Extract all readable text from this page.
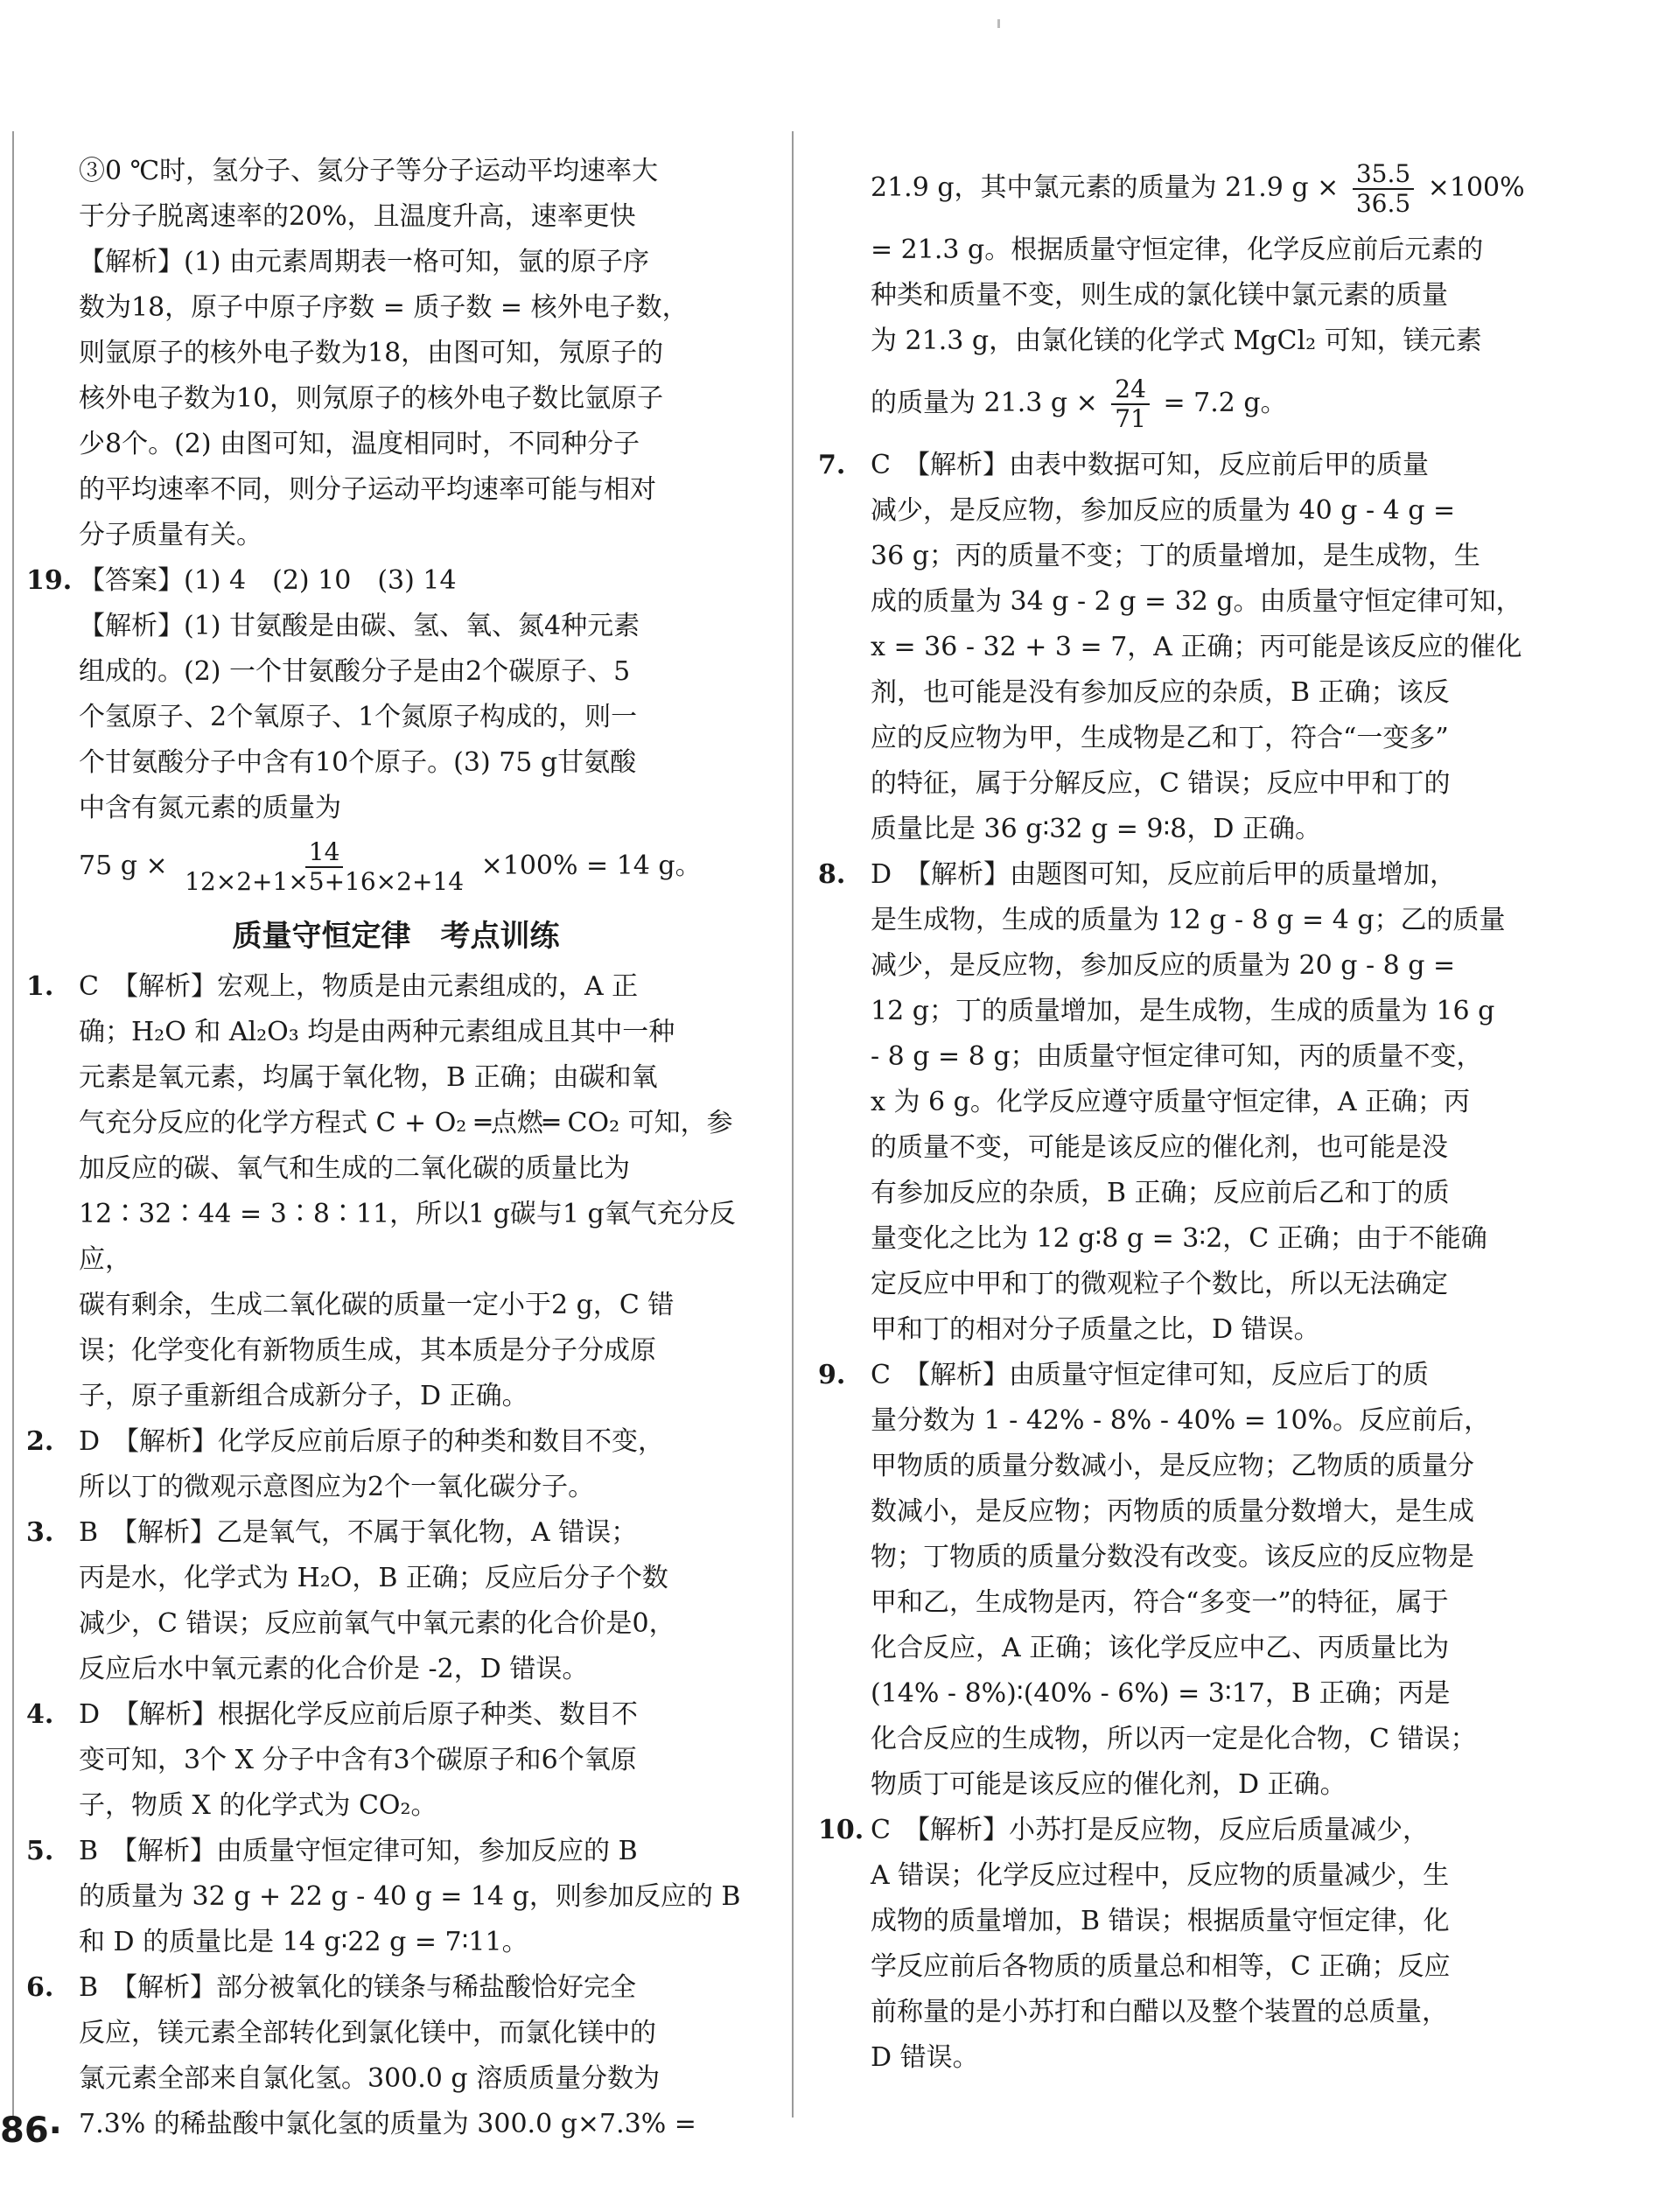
③0 ℃时，氢分子、氦分子等分子运动平均速率大

于分子脱离速率的20%，且温度升高，速率更快

【解析】(1) 由元素周期表一格可知，氩的原子序

数为18，原子中原子序数 = 质子数 = 核外电子数，

则氩原子的核外电子数为18，由图可知，氖原子的

核外电子数为10，则氖原子的核外电子数比氩原子

少8个。(2) 由图可知，温度相同时，不同种分子

的平均速率不同，则分子运动平均速率可能与相对

分子质量有关。

19. 【答案】(1) 4　(2) 10　(3) 14

【解析】(1) 甘氨酸是由碳、氢、氧、氮4种元素

组成的。(2) 一个甘氨酸分子是由2个碳原子、5

个氢原子、2个氧原子、1个氮原子构成的，则一

个甘氨酸分子中含有10个原子。(3) 75 g甘氨酸

中含有氮元素的质量为

75 $g \times \frac{14}{12\times 2+1\times 5+16\times 2+14} \times 100\% = 14$ g。
质量守恒定律　考点训练
1. C　【解析】宏观上，物质是由元素组成的，A 正

确；H₂O 和 Al₂O₃ 均是由两种元素组成且其中一种

元素是氧元素，均属于氧化物，B 正确；由碳和氧

气充分反应的化学方程式 C + O₂ ═点燃═ CO₂ 可知，参

加反应的碳、氧气和生成的二氧化碳的质量比为

12∶32∶44 = 3∶8∶11，所以1 g碳与1 g氧气充分反应，

碳有剩余，生成二氧化碳的质量一定小于2 g，C 错

误；化学变化有新物质生成，其本质是分子分成原

子，原子重新组合成新分子，D 正确。

2. D　【解析】化学反应前后原子的种类和数目不变，

所以丁的微观示意图应为2个一氧化碳分子。

3. B　【解析】乙是氧气，不属于氧化物，A 错误；

丙是水，化学式为 H₂O，B 正确；反应后分子个数

减少，C 错误；反应前氧气中氧元素的化合价是0，

反应后水中氧元素的化合价是 -2，D 错误。

4. D　【解析】根据化学反应前后原子种类、数目不

变可知，3个 X 分子中含有3个碳原子和6个氧原

子，物质 X 的化学式为 CO₂。

5. B　【解析】由质量守恒定律可知，参加反应的 B

的质量为 32 g + 22 g - 40 g = 14 g，则参加反应的 B

和 D 的质量比是 14 g∶22 g = 7∶11。

6. B　【解析】部分被氧化的镁条与稀盐酸恰好完全

反应，镁元素全部转化到氯化镁中，而氯化镁中的

氯元素全部来自氯化氢。300.0 g 溶质质量分数为

7.3% 的稀盐酸中氯化氢的质量为 300.0 g×7.3% =

21.9 g，其中氯元素的质量为 21.9 $g \times \frac{35.5}{36.5} \times 100\%$

= 21.3 g。根据质量守恒定律，化学反应前后元素的

种类和质量不变，则生成的氯化镁中氯元素的质量

为 21.3 g，由氯化镁的化学式 MgCl₂ 可知，镁元素

的质量为 21.3 $g \times \frac{24}{71} = 7.2$ g。
7. C　【解析】由表中数据可知，反应前后甲的质量

减少，是反应物，参加反应的质量为 40 g - 4 g =

36 g；丙的质量不变；丁的质量增加，是生成物，生

成的质量为 34 g - 2 g = 32 g。由质量守恒定律可知，

x = 36 - 32 + 3 = 7，A 正确；丙可能是该反应的催化

剂，也可能是没有参加反应的杂质，B 正确；该反

应的反应物为甲，生成物是乙和丁，符合“一变多”

的特征，属于分解反应，C 错误；反应中甲和丁的

质量比是 36 g∶32 g = 9∶8，D 正确。

8. D　【解析】由题图可知，反应前后甲的质量增加，

是生成物，生成的质量为 12 g - 8 g = 4 g；乙的质量

减少，是反应物，参加反应的质量为 20 g - 8 g =

12 g；丁的质量增加，是生成物，生成的质量为 16 g

- 8 g = 8 g；由质量守恒定律可知，丙的质量不变，

x 为 6 g。化学反应遵守质量守恒定律，A 正确；丙

的质量不变，可能是该反应的催化剂，也可能是没

有参加反应的杂质，B 正确；反应前后乙和丁的质

量变化之比为 12 g∶8 g = 3∶2，C 正确；由于不能确

定反应中甲和丁的微观粒子个数比，所以无法确定

甲和丁的相对分子质量之比，D 错误。

9. C　【解析】由质量守恒定律可知，反应后丁的质

量分数为 1 - 42% - 8% - 40% = 10%。反应前后，

甲物质的质量分数减小，是反应物；乙物质的质量分

数减小，是反应物；丙物质的质量分数增大，是生成

物；丁物质的质量分数没有改变。该反应的反应物是

甲和乙，生成物是丙，符合“多变一”的特征，属于

化合反应，A 正确；该化学反应中乙、丙质量比为

(14% - 8%)∶(40% - 6%) = 3∶17，B 正确；丙是

化合反应的生成物，所以丙一定是化合物，C 错误；

物质丁可能是该反应的催化剂，D 正确。

10. C　【解析】小苏打是反应物，反应后质量减少，

A 错误；化学反应过程中，反应物的质量减少，生

成物的质量增加，B 错误；根据质量守恒定律，化

学反应前后各物质的质量总和相等，C 正确；反应

前称量的是小苏打和白醋以及整个装置的总质量，

D 错误。

86·
